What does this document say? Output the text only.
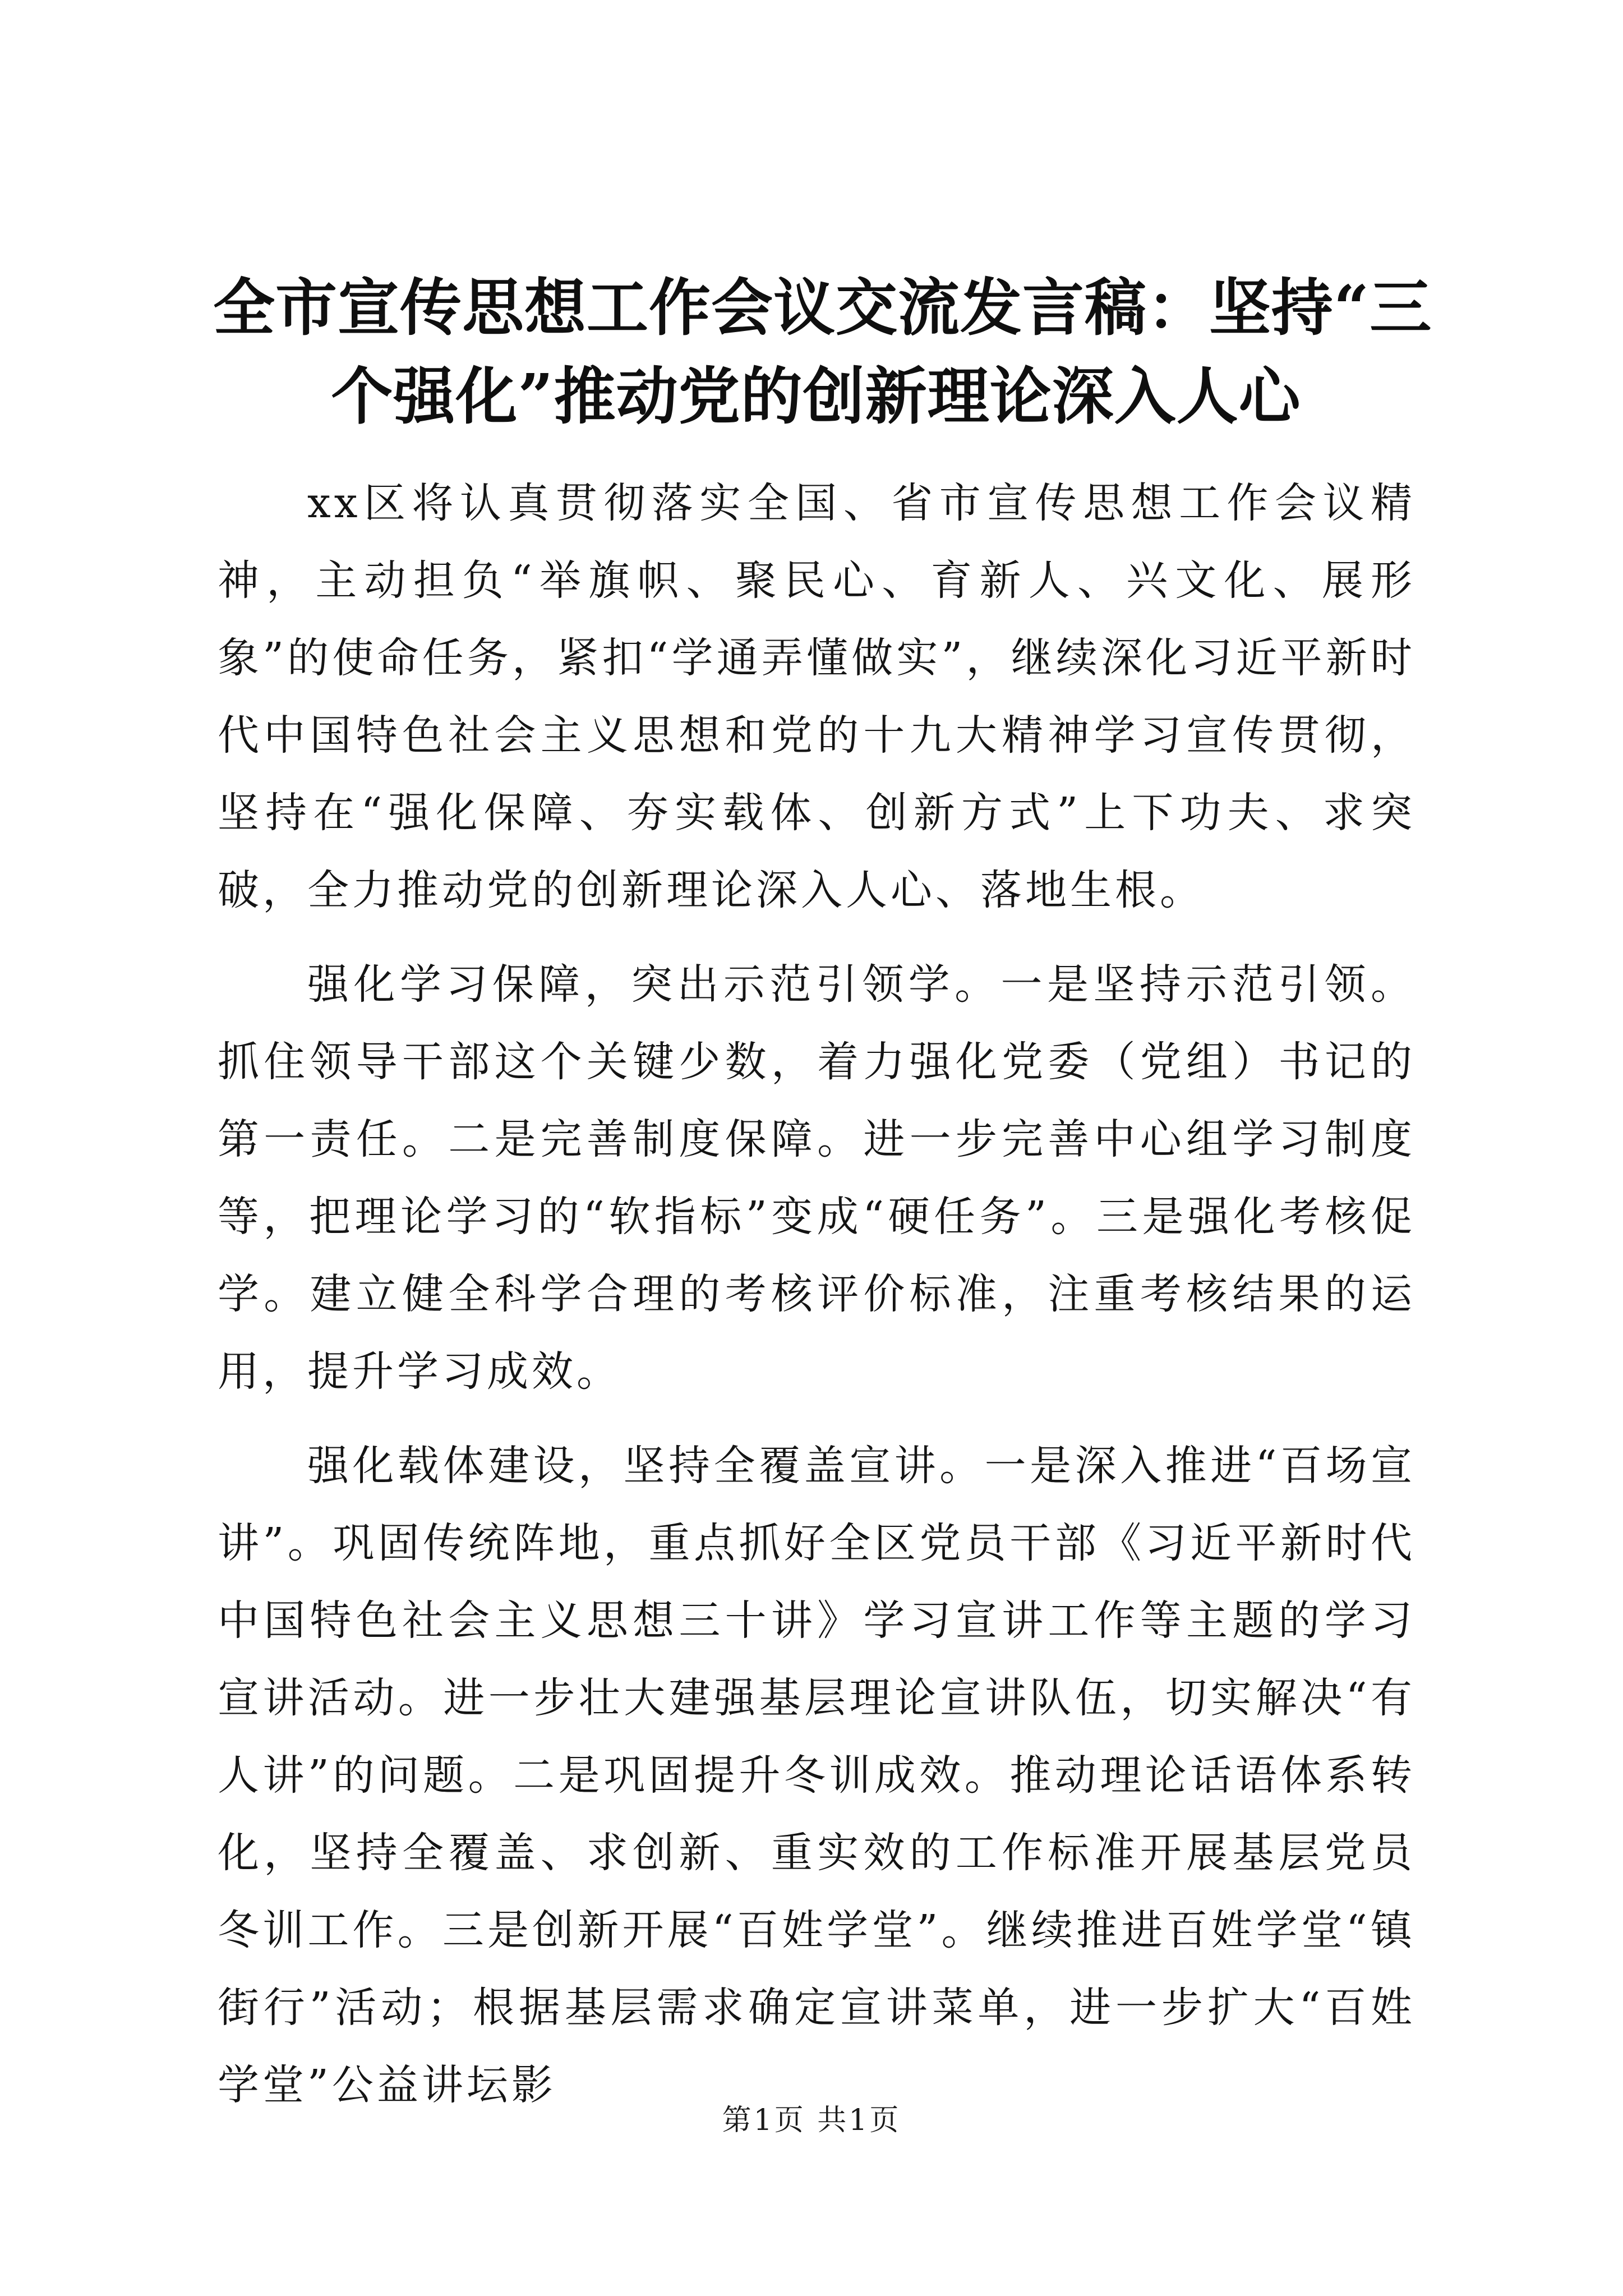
全市宣传思想工作会议交流发言稿：坚持“三
个强化”推动党的创新理论深入人心

xx区将认真贯彻落实全国、省市宣传思想工作会议精神，主动担负“举旗帜、聚民心、育新人、兴文化、展形象”的使命任务，紧扣“学通弄懂做实”，继续深化习近平新时代中国特色社会主义思想和党的十九大精神学习宣传贯彻，坚持在“强化保障、夯实载体、创新方式”上下功夫、求突破，全力推动党的创新理论深入人心、落地生根。

强化学习保障，突出示范引领学。一是坚持示范引领。抓住领导干部这个关键少数，着力强化党委（党组）书记的第一责任。二是完善制度保障。进一步完善中心组学习制度等，把理论学习的“软指标”变成“硬任务”。三是强化考核促学。建立健全科学合理的考核评价标准，注重考核结果的运用，提升学习成效。

强化载体建设，坚持全覆盖宣讲。一是深入推进“百场宣讲”。巩固传统阵地，重点抓好全区党员干部《习近平新时代中国特色社会主义思想三十讲》学习宣讲工作等主题的学习宣讲活动。进一步壮大建强基层理论宣讲队伍，切实解决“有人讲”的问题。二是巩固提升冬训成效。推动理论话语体系转化，坚持全覆盖、求创新、重实效的工作标准开展基层党员冬训工作。三是创新开展“百姓学堂”。继续推进百姓学堂“镇街行”活动；根据基层需求确定宣讲菜单，进一步扩大“百姓学堂”公益讲坛影

第1页 共1页
